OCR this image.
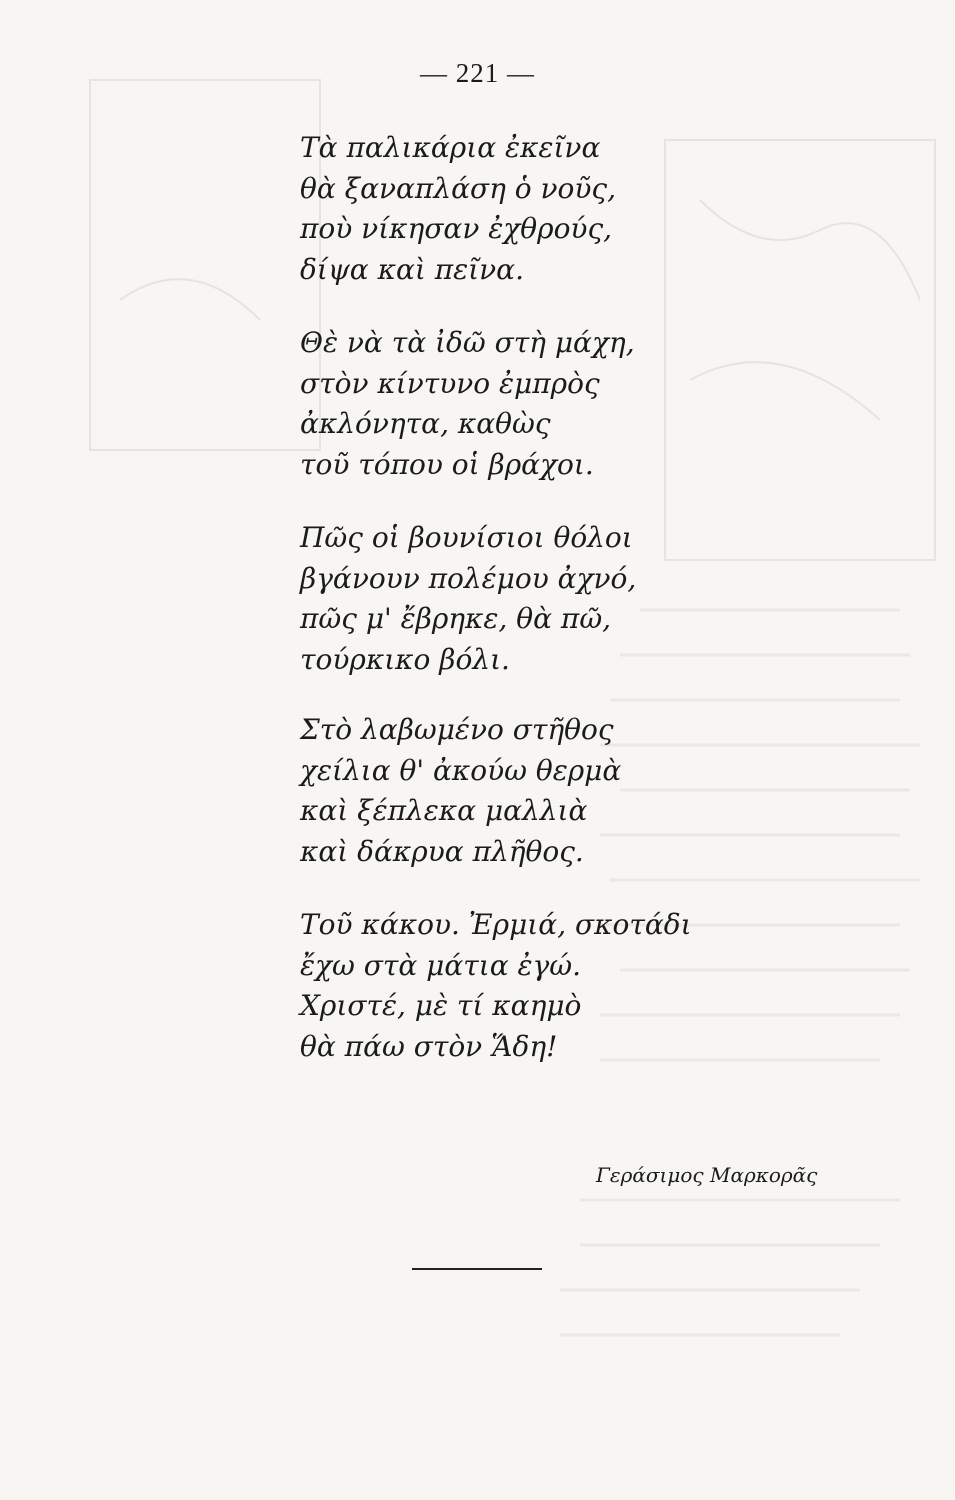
— 221 —
Τὰ παλικάρια ἐκεῖνα
θὰ ξαναπλάση ὁ νοῦς,
ποὺ νίκησαν ἐχθρούς,
δίψα καὶ πεῖνα.
Θὲ νὰ τὰ ἰδῶ στὴ μάχη,
στὸν κίντυνο ἐμπρὸς
ἀκλόνητα, καθὼς
τοῦ τόπου οἱ βράχοι.
Πῶς οἱ βουνίσιοι θόλοι
βγάνουν πολέμου ἀχνό,
πῶς μ' ἔβρηκε, θὰ πῶ,
τούρκικο βόλι.
Στὸ λαβωμένο στῆθος
χείλια θ' ἀκούω θερμὰ
καὶ ξέπλεκα μαλλιὰ
καὶ δάκρυα πλῆθος.
Τοῦ κάκου. Ἐρμιά, σκοτάδι
ἔχω στὰ μάτια ἐγώ.
Χριστέ, μὲ τί καημὸ
θὰ πάω στὸν Ἅδη!
Γεράσιμος Μαρκορᾶς
